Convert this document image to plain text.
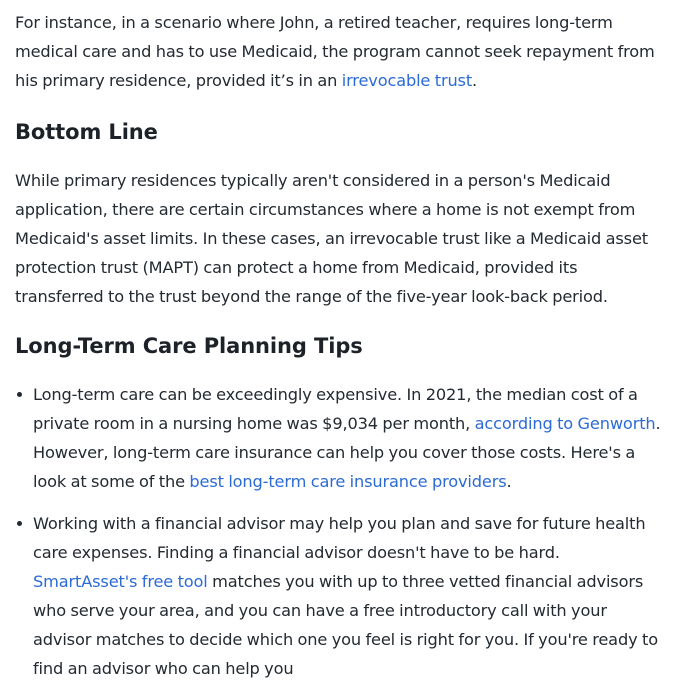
For instance, in a scenario where John, a retired teacher, requires long-term medical care and has to use Medicaid, the program cannot seek repayment from his primary residence, provided it’s in an irrevocable trust.

Bottom Line

While primary residences typically aren't considered in a person's Medicaid application, there are certain circumstances where a home is not exempt from Medicaid's asset limits. In these cases, an irrevocable trust like a Medicaid asset protection trust (MAPT) can protect a home from Medicaid, provided its transferred to the trust beyond the range of the five-year look-back period.

Long-Term Care Planning Tips
Long-term care can be exceedingly expensive. In 2021, the median cost of a private room in a nursing home was $9,034 per month, according to Genworth. However, long-term care insurance can help you cover those costs. Here's a look at some of the best long-term care insurance providers.
Working with a financial advisor may help you plan and save for future health care expenses. Finding a financial advisor doesn't have to be hard. SmartAsset's free tool matches you with up to three vetted financial advisors who serve your area, and you can have a free introductory call with your advisor matches to decide which one you feel is right for you. If you're ready to find an advisor who can help you
